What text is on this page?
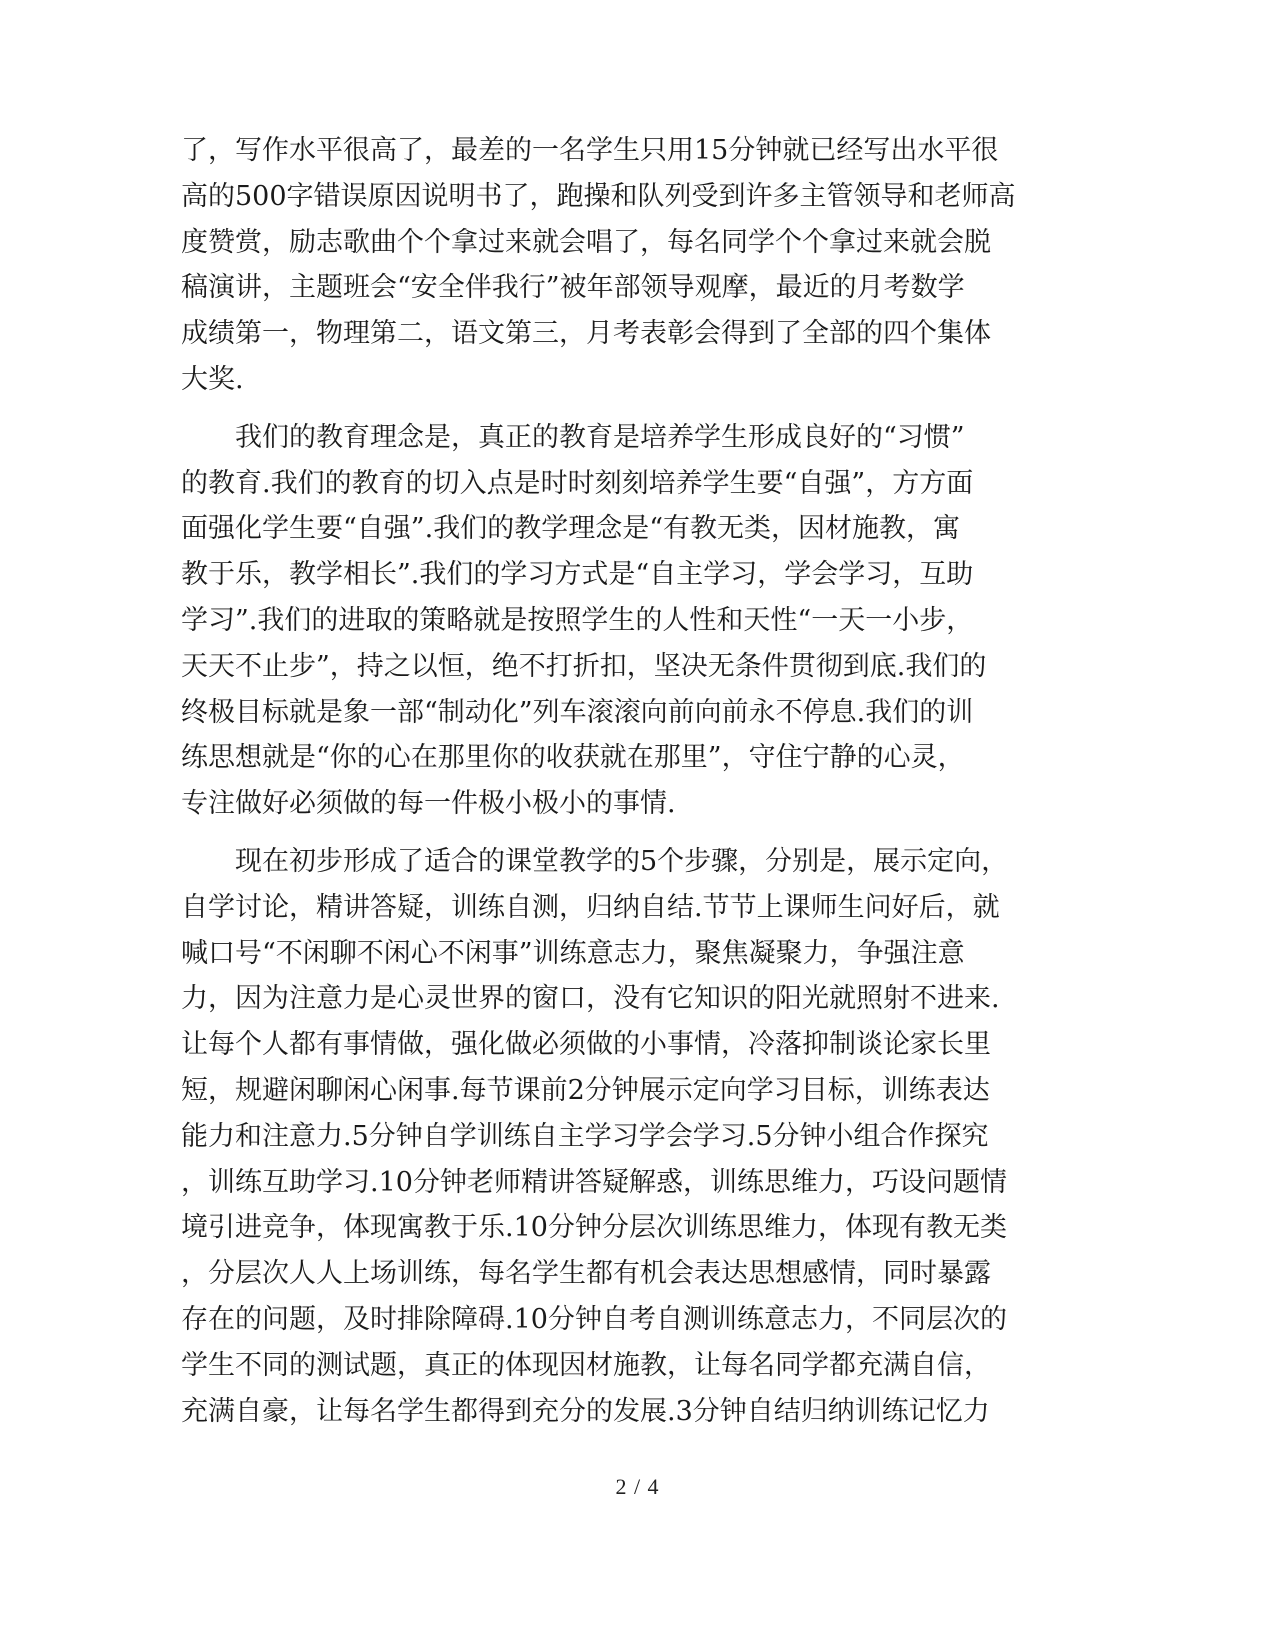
了，写作水平很高了，最差的一名学生只用15分钟就已经写出水平很
高的500字错误原因说明书了，跑操和队列受到许多主管领导和老师高
度赞赏，励志歌曲个个拿过来就会唱了，每名同学个个拿过来就会脱
稿演讲，主题班会“安全伴我行”被年部领导观摩，最近的月考数学
成绩第一，物理第二，语文第三，月考表彰会得到了全部的四个集体
大奖.
　　我们的教育理念是，真正的教育是培养学生形成良好的“习惯”
的教育.我们的教育的切入点是时时刻刻培养学生要“自强”，方方面
面强化学生要“自强”.我们的教学理念是“有教无类，因材施教，寓
教于乐，教学相长”.我们的学习方式是“自主学习，学会学习，互助
学习”.我们的进取的策略就是按照学生的人性和天性“一天一小步，
天天不止步”，持之以恒，绝不打折扣，坚决无条件贯彻到底.我们的
终极目标就是象一部“制动化”列车滚滚向前向前永不停息.我们的训
练思想就是“你的心在那里你的收获就在那里”，守住宁静的心灵，
专注做好必须做的每一件极小极小的事情.
　　现在初步形成了适合的课堂教学的5个步骤，分别是，展示定向，
自学讨论，精讲答疑，训练自测，归纳自结.节节上课师生问好后，就
喊口号“不闲聊不闲心不闲事”训练意志力，聚焦凝聚力，争强注意
力，因为注意力是心灵世界的窗口，没有它知识的阳光就照射不进来.
让每个人都有事情做，强化做必须做的小事情，冷落抑制谈论家长里
短，规避闲聊闲心闲事.每节课前2分钟展示定向学习目标，训练表达
能力和注意力.5分钟自学训练自主学习学会学习.5分钟小组合作探究
，训练互助学习.10分钟老师精讲答疑解惑，训练思维力，巧设问题情
境引进竞争，体现寓教于乐.10分钟分层次训练思维力，体现有教无类
，分层次人人上场训练，每名学生都有机会表达思想感情，同时暴露
存在的问题，及时排除障碍.10分钟自考自测训练意志力，不同层次的
学生不同的测试题，真正的体现因材施教，让每名同学都充满自信，
充满自豪，让每名学生都得到充分的发展.3分钟自结归纳训练记忆力
2 / 4
